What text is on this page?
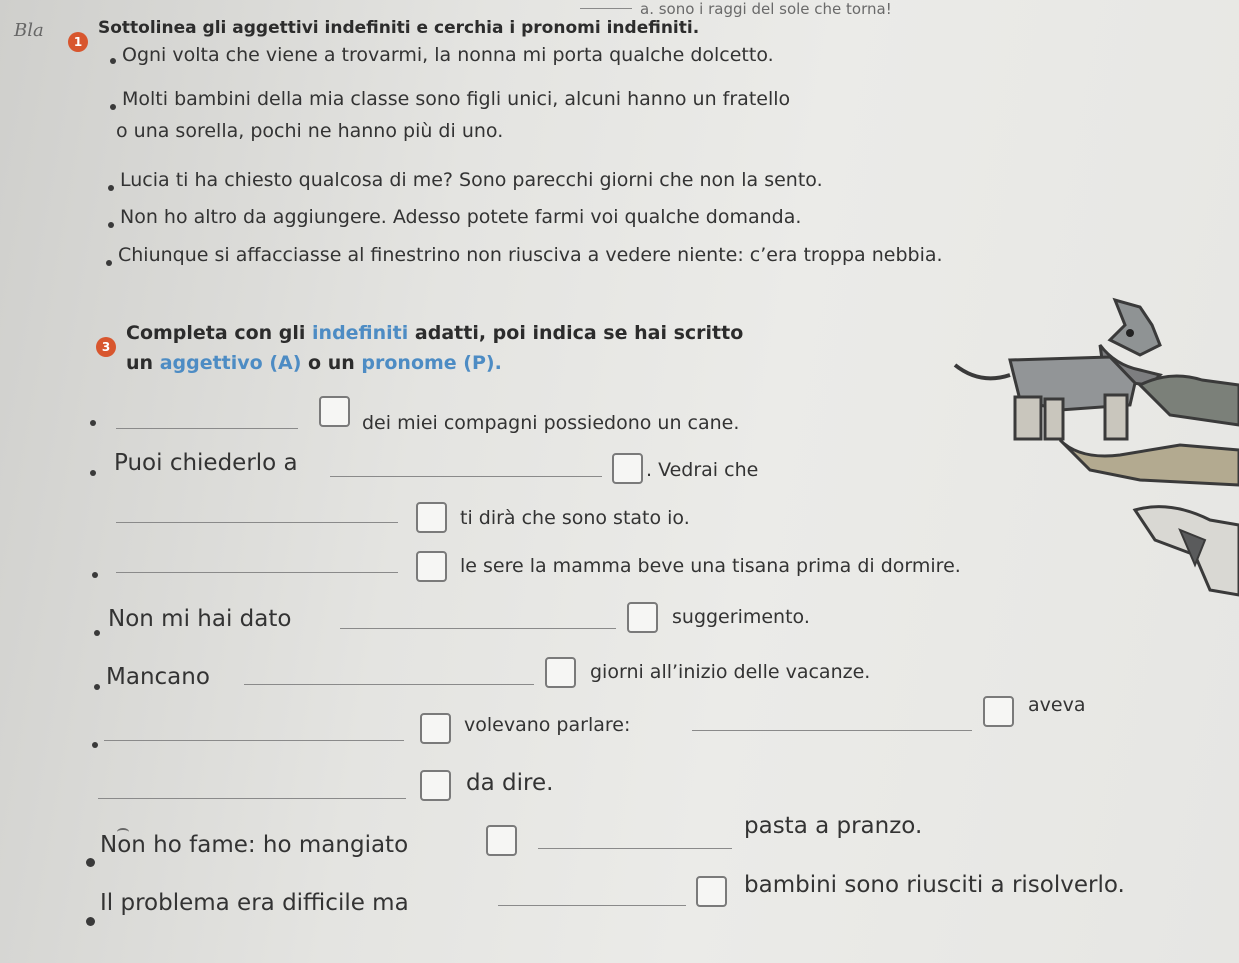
a. sono i raggi del sole che torna!
Bla
1
Sottolinea gli aggettivi indefiniti e cerchia i pronomi indefiniti.
Ogni volta che viene a trovarmi, la nonna mi porta qualche dolcetto.
Molti bambini della mia classe sono figli unici, alcuni hanno un fratello
o una sorella, pochi ne hanno più di uno.
Lucia ti ha chiesto qualcosa di me? Sono parecchi giorni che non la sento.
Non ho altro da aggiungere. Adesso potete farmi voi qualche domanda.
Chiunque si affacciasse al finestrino non riusciva a vedere niente: c’era troppa nebbia.
3
Completa con gli indefiniti adatti, poi indica se hai scritto
un aggettivo (A) o un pronome (P).
dei miei compagni possiedono un cane.
Puoi chiederlo a	. Vedrai che
ti dirà che sono stato io.
le sere la mamma beve una tisana prima di dormire.
Non mi hai dato	suggerimento.
Mancano	giorni all’inizio delle vacanze.
volevano parlare:
aveva
da dire.
Non ho fame: ho mangiato
pasta a pranzo.
Il problema era difficile ma
bambini sono riusciti a risolverlo.
